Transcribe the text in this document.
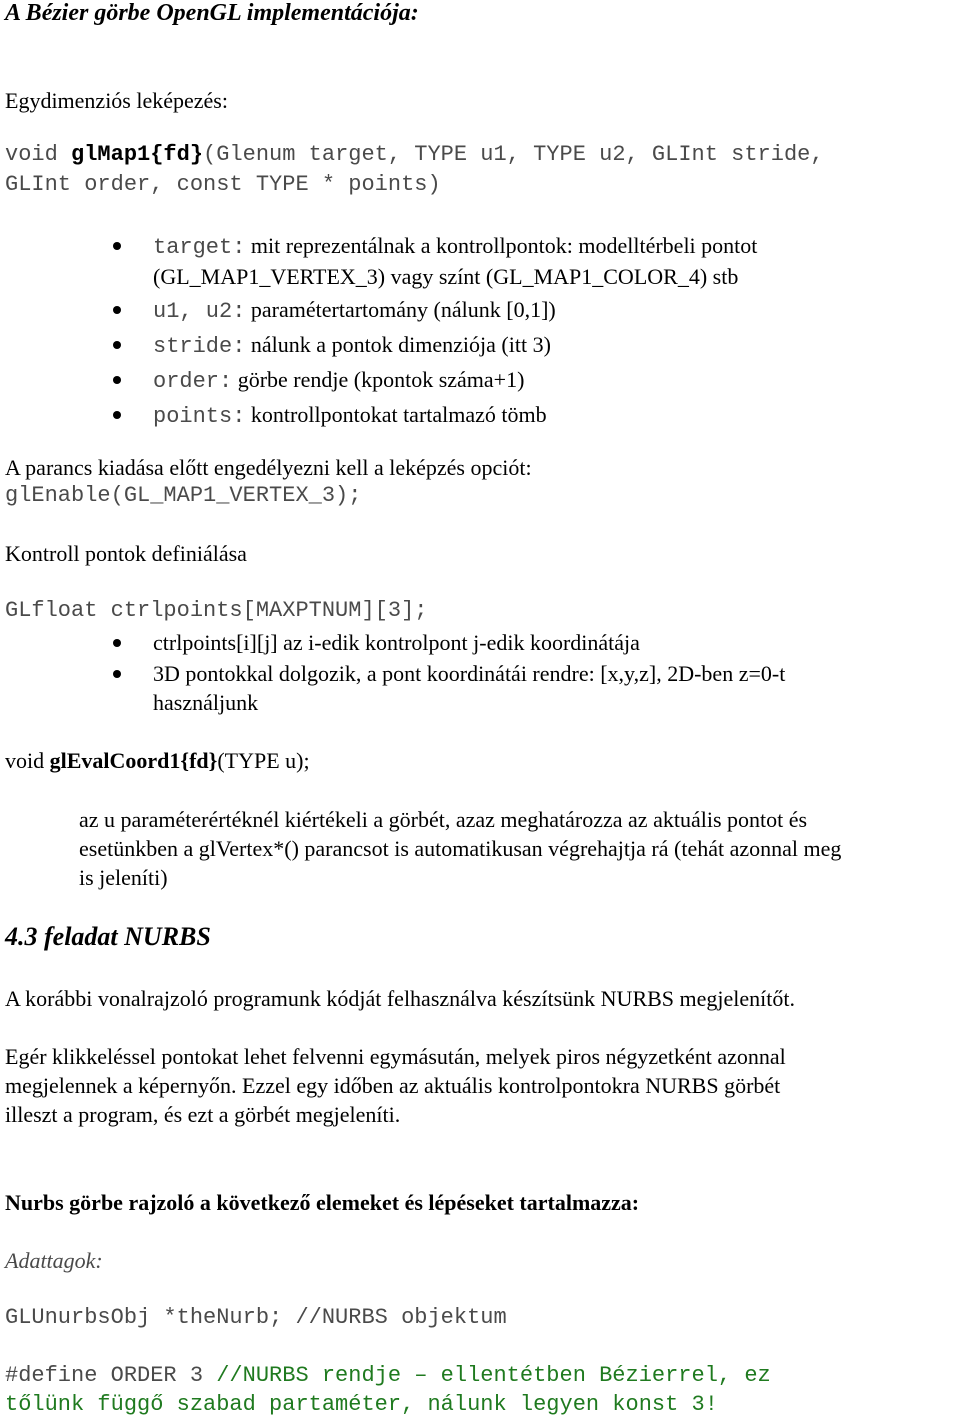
A Bézier görbe OpenGL implementációja:
Egydimenziós leképezés:
void glMap1{fd}(Glenum target, TYPE u1, TYPE u2, GLInt stride,
GLInt order, const TYPE * points)
target: mit reprezentálnak a kontrollpontok: modelltérbeli pontot
(GL_MAP1_VERTEX_3) vagy színt (GL_MAP1_COLOR_4) stb
u1, u2: paramétertartomány (nálunk [0,1])
stride: nálunk a pontok dimenziója (itt 3)
order: görbe rendje (kpontok száma+1)
points: kontrollpontokat tartalmazó tömb
A parancs kiadása előtt engedélyezni kell a leképzés opciót:
glEnable(GL_MAP1_VERTEX_3);
Kontroll pontok definiálása
GLfloat ctrlpoints[MAXPTNUM][3];
ctrlpoints[i][j] az i-edik kontrolpont j-edik koordinátája
3D pontokkal dolgozik, a pont koordinátái rendre: [x,y,z], 2D-ben z=0-t
használjunk
void glEvalCoord1{fd}(TYPE u);
az u paraméterértéknél kiértékeli a görbét, azaz meghatározza az aktuális pontot és
esetünkben a glVertex*() parancsot is automatikusan végrehajtja rá (tehát azonnal meg
is jeleníti)
4.3 feladat NURBS
A korábbi vonalrajzoló programunk kódját felhasználva készítsünk NURBS megjelenítőt.
Egér klikkeléssel pontokat lehet felvenni egymásután, melyek piros négyzetként azonnal
megjelennek a képernyőn. Ezzel egy időben az aktuális kontrolpontokra NURBS görbét
illeszt a program, és ezt a görbét megjeleníti.
Nurbs görbe rajzoló a következő elemeket és lépéseket tartalmazza:
Adattagok:
GLUnurbsObj *theNurb; //NURBS objektum
#define ORDER 3 //NURBS rendje – ellentétben Bézierrel, ez
tőlünk függő szabad partaméter, nálunk legyen konst 3!
